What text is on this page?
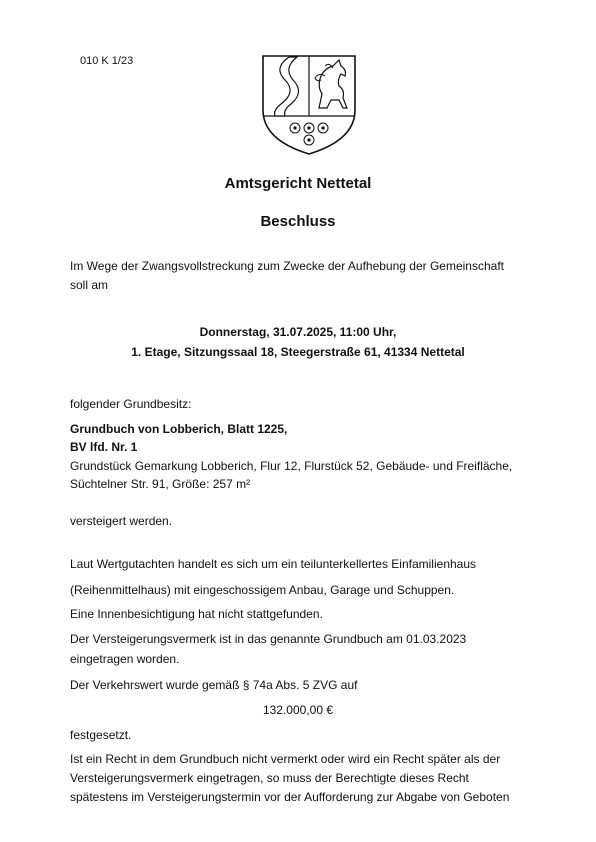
010 K 1/23
Amtsgericht Nettetal
Beschluss
Im Wege der Zwangsvollstreckung zum Zwecke der Aufhebung der Gemeinschaft
soll am
Donnerstag, 31.07.2025, 11:00 Uhr,
1. Etage, Sitzungssaal 18, Steegerstraße 61, 41334 Nettetal
folgender Grundbesitz:
Grundbuch von Lobberich, Blatt 1225,
BV lfd. Nr. 1
Grundstück Gemarkung Lobberich, Flur 12, Flurstück 52, Gebäude- und Freifläche,
Süchtelner Str. 91, Größe: 257 m²
versteigert werden.
Laut Wertgutachten handelt es sich um ein teilunterkellertes Einfamilienhaus
(Reihenmittelhaus) mit eingeschossigem Anbau, Garage und Schuppen.
Eine Innenbesichtigung hat nicht stattgefunden.
Der Versteigerungsvermerk ist in das genannte Grundbuch am 01.03.2023
eingetragen worden.
Der Verkehrswert wurde gemäß § 74a Abs. 5 ZVG auf
132.000,00 €
festgesetzt.
Ist ein Recht in dem Grundbuch nicht vermerkt oder wird ein Recht später als der
Versteigerungsvermerk eingetragen, so muss der Berechtigte dieses Recht
spätestens im Versteigerungstermin vor der Aufforderung zur Abgabe von Geboten
